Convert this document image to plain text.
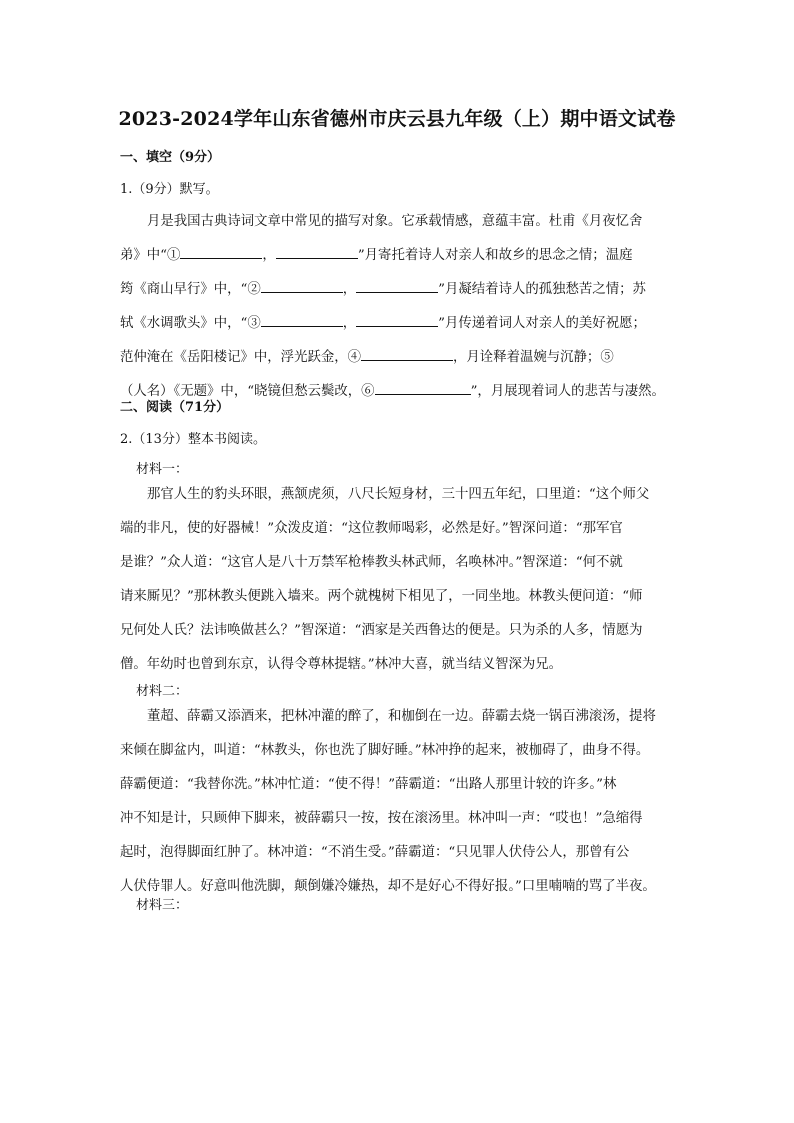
2023-2024学年山东省德州市庆云县九年级（上）期中语文试卷
一、填空（9分）
1.（9分）默写。
月是我国古典诗词文章中常见的描写对象。它承载情感，意蕴丰富。杜甫《月夜忆舍
弟》中“①	，	”月寄托着诗人对亲人和故乡的思念之情；温庭
筠《商山早行》中，“②	，	”月凝结着诗人的孤独愁苦之情；苏
轼《水调歌头》中，“③	，	”月传递着词人对亲人的美好祝愿；
范仲淹在《岳阳楼记》中，浮光跃金，④	，月诠释着温婉与沉静；⑤
（人名）《无题》中，“晓镜但愁云鬓改，⑥	”，月展现着词人的悲苦与凄然。
二、阅读（71分）
2.（13分）整本书阅读。
材料一：
那官人生的豹头环眼，燕颔虎须，八尺长短身材，三十四五年纪，口里道：“这个师父
端的非凡，使的好器械！”众泼皮道：“这位教师喝彩，必然是好。”智深问道：“那军官
是谁？”众人道：“这官人是八十万禁军枪棒教头林武师，名唤林冲。”智深道：“何不就
请来厮见？”那林教头便跳入墙来。两个就槐树下相见了，一同坐地。林教头便问道：“师
兄何处人氏？法讳唤做甚么？”智深道：“洒家是关西鲁达的便是。只为杀的人多，情愿为
僧。年幼时也曾到东京，认得令尊林提辖。”林冲大喜，就当结义智深为兄。
材料二：
董超、薛霸又添酒来，把林冲灌的醉了，和枷倒在一边。薛霸去烧一锅百沸滚汤，提将
来倾在脚盆内，叫道：“林教头，你也洗了脚好睡。”林冲挣的起来，被枷碍了，曲身不得。
薛霸便道：“我替你洗。”林冲忙道：“使不得！”薛霸道：“出路人那里计较的许多。”林
冲不知是计，只顾伸下脚来，被薛霸只一按，按在滚汤里。林冲叫一声：“哎也！”急缩得
起时，泡得脚面红肿了。林冲道：“不消生受。”薛霸道：“只见罪人伏侍公人，那曾有公
人伏侍罪人。好意叫他洗脚，颠倒嫌冷嫌热，却不是好心不得好报。”口里喃喃的骂了半夜。
材料三：
